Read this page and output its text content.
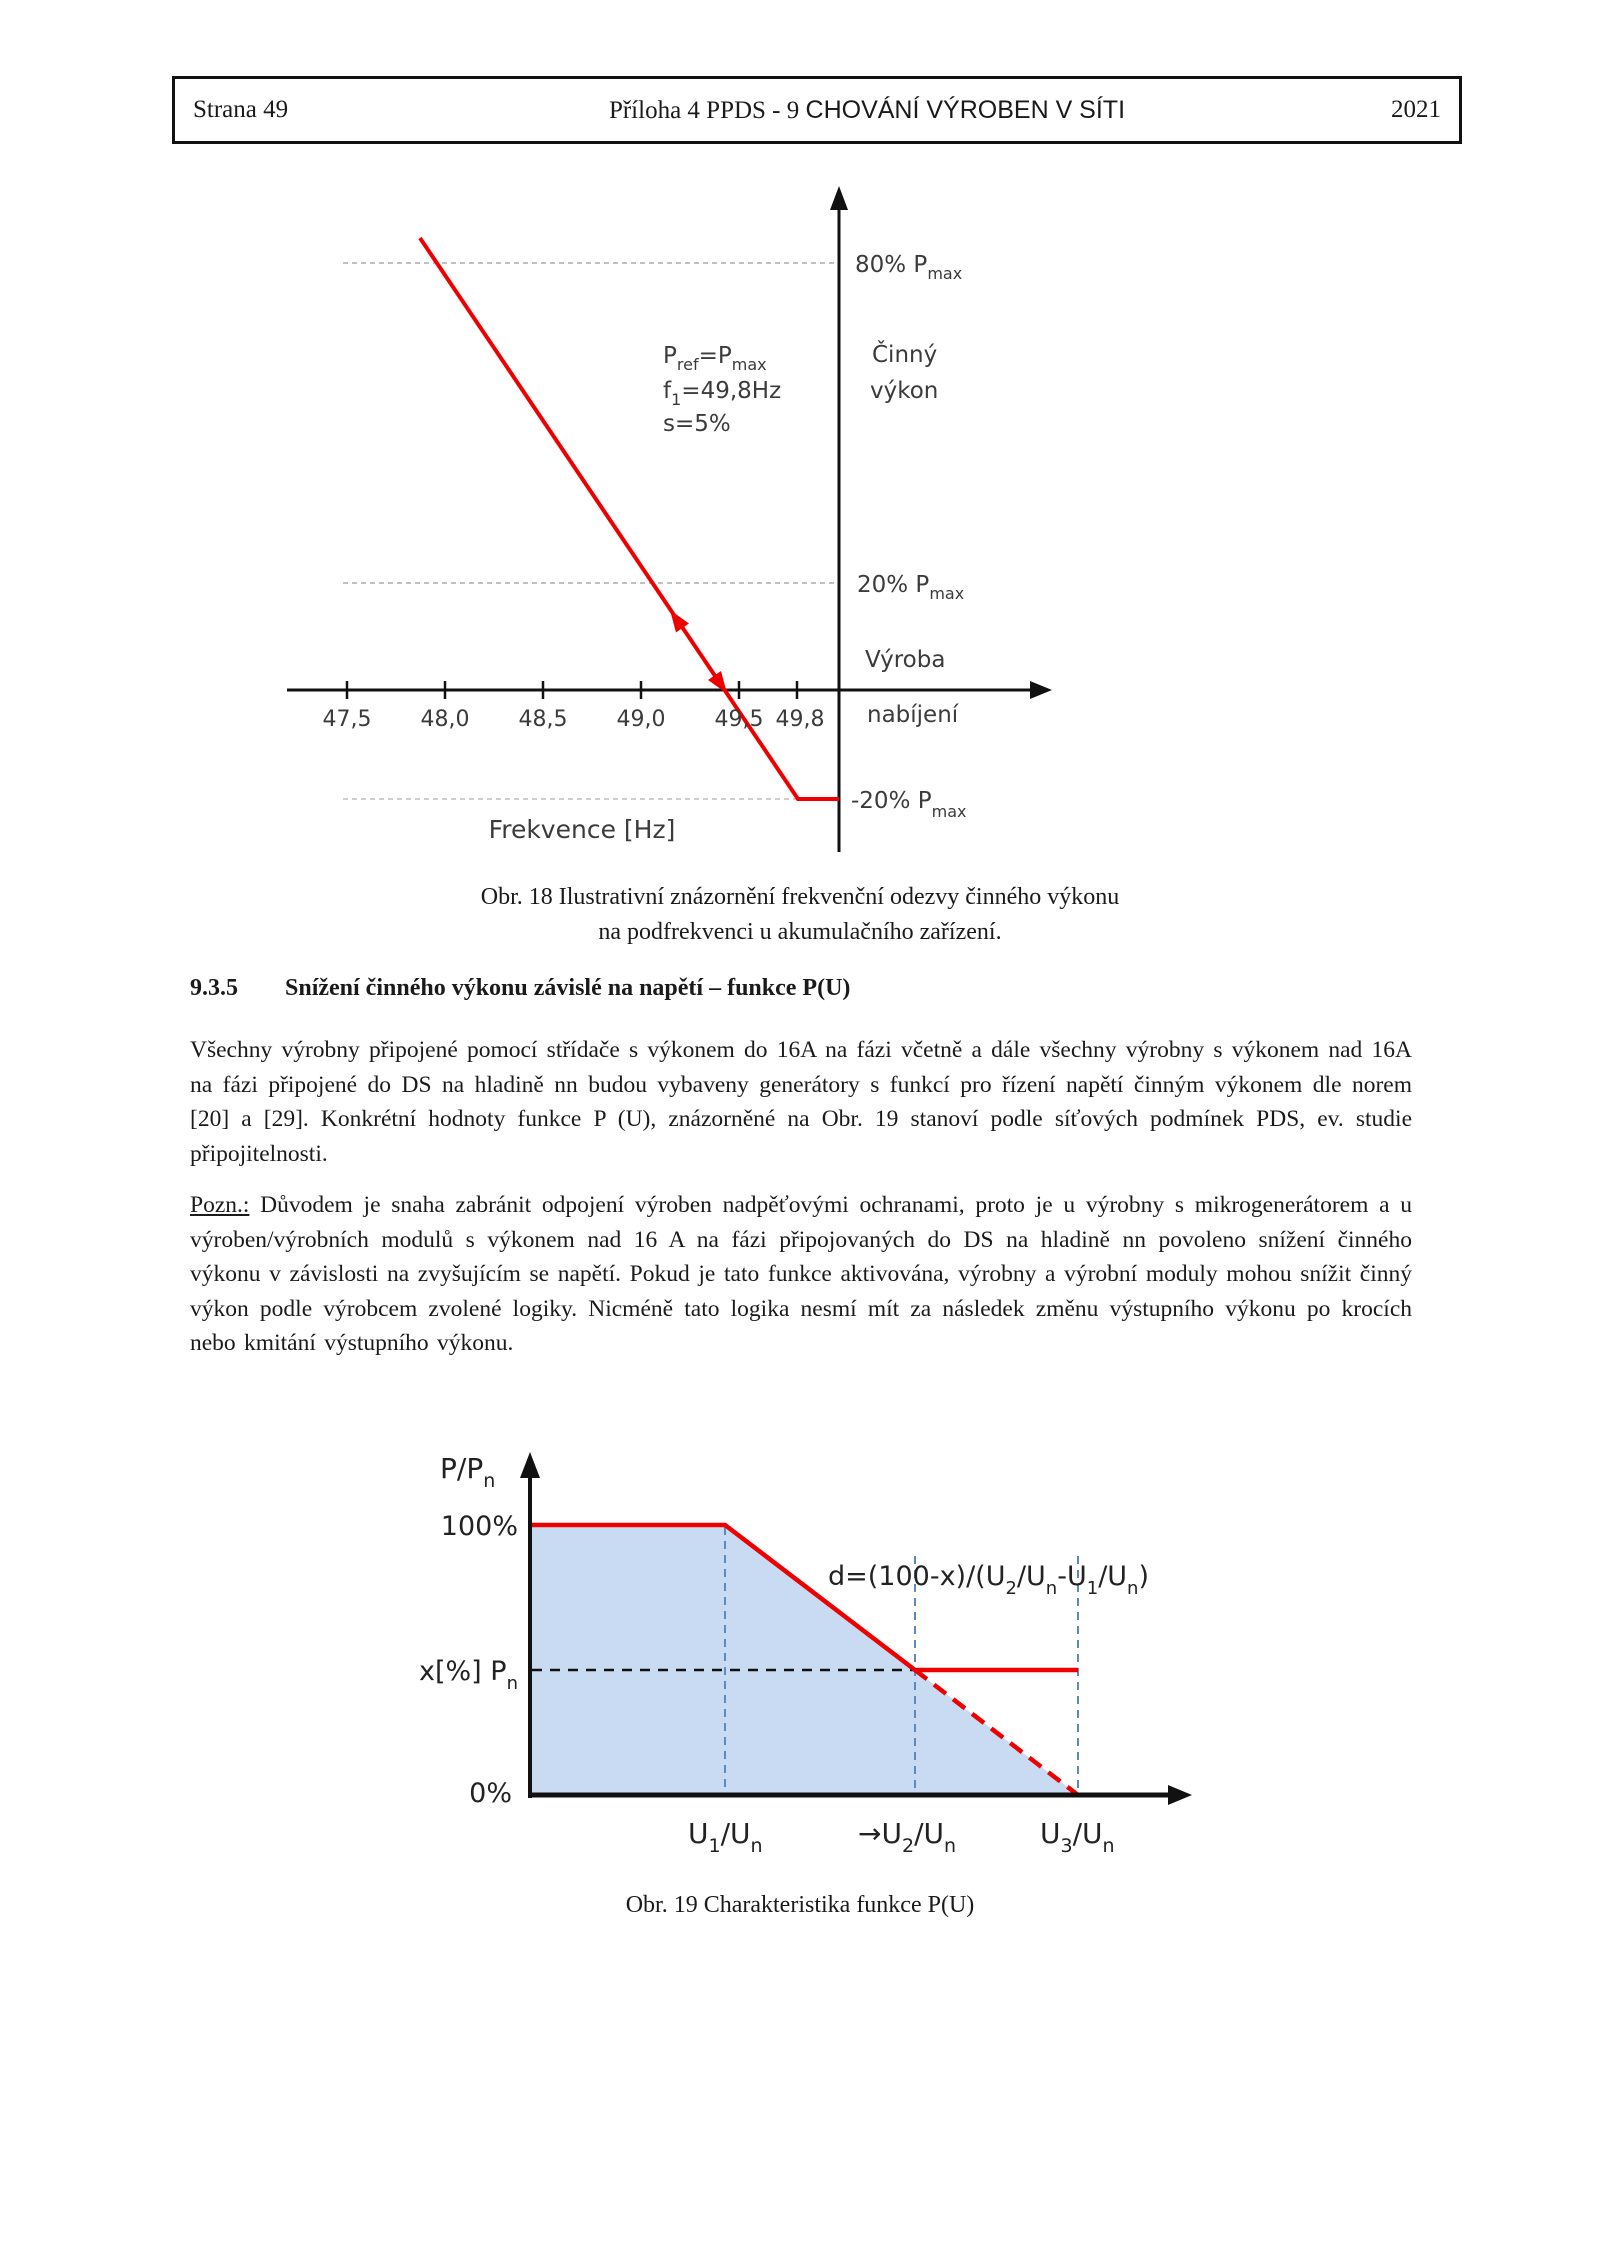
Strana 49	Příloha 4 PPDS - 9 CHOVÁNÍ VÝROBEN V SÍTI	2021
47,5 48,0 48,5 49,0 49,5 49,8
80% $P_{max}$
20% $P_{max}$
-20% $P_{max}$
Činný
výkon
Výroba
nabíjení
$P_{ref}=P_{max}$
$f_1=49,8Hz$
s=5%
Frekvence [Hz]
Obr. 18 Ilustrativní znázornění frekvenční odezvy činného výkonu
na podfrekvenci u akumulačního zařízení.
9.3.5 Snížení činného výkonu závislé na napětí – funkce P(U)
Všechny výrobny připojené pomocí střídače s výkonem do 16A na fázi včetně a dále všechny výrobny s výkonem nad 16A na fázi připojené do DS na hladině nn budou vybaveny generátory s funkcí pro řízení napětí činným výkonem dle norem [20] a [29]. Konkrétní hodnoty funkce P (U), znázorněné na Obr. 19 stanoví podle síťových podmínek PDS, ev. studie připojitelnosti.
Pozn.: Důvodem je snaha zabránit odpojení výroben nadpěťovými ochranami, proto je u výrobny s mikrogenerátorem a u výroben/výrobních modulů s výkonem nad 16 A na fázi připojovaných do DS na hladině nn povoleno snížení činného výkonu v závislosti na zvyšujícím se napětí. Pokud je tato funkce aktivována, výrobny a výrobní moduly mohou snížit činný výkon podle výrobcem zvolené logiky. Nicméně tato logika nesmí mít za následek změnu výstupního výkonu po krocích nebo kmitání výstupního výkonu.
$P/P_n$
100%
x[%] $P_n$
0%
$U_1/U_n$	$\to U_2/U_n$	$U_3/U_n$
$d=(100-x)/(U_2/U_n-U_1/U_n)$
Obr. 19 Charakteristika funkce P(U)
